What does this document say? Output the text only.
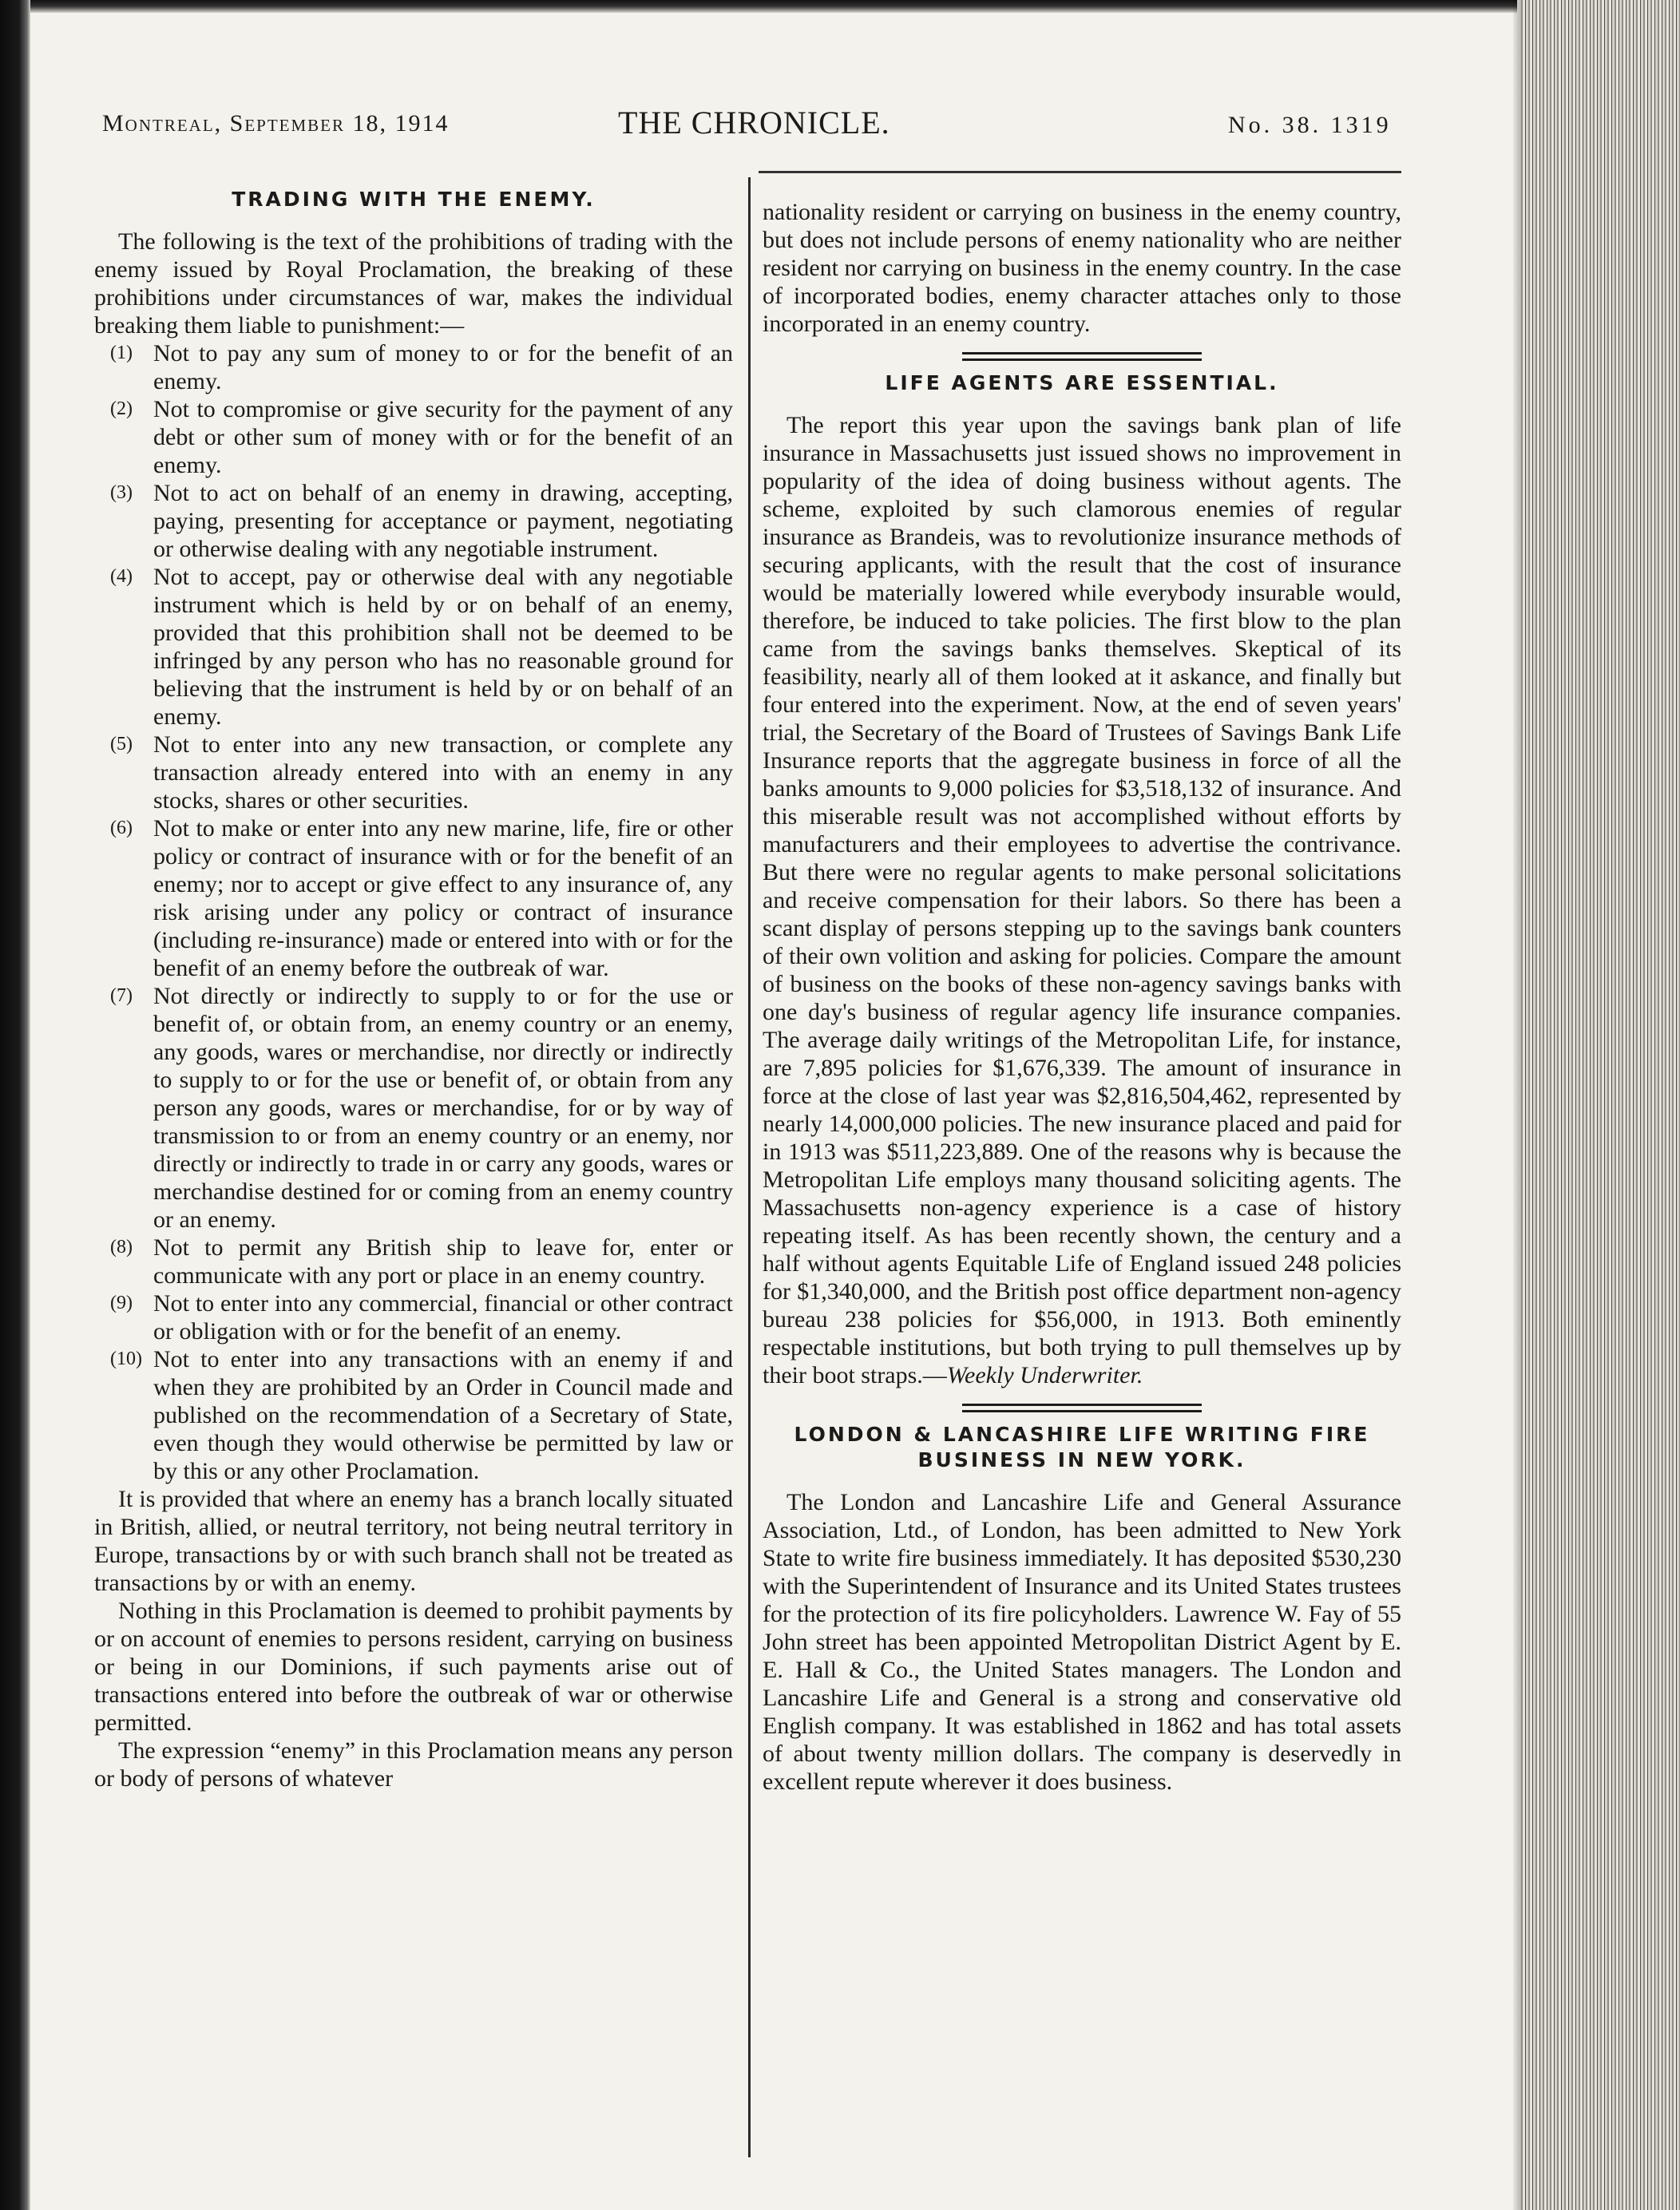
Montreal, September 18, 1914	THE CHRONICLE.	No. 38. 1319
TRADING WITH THE ENEMY.

The following is the text of the prohibitions of trading with the enemy issued by Royal Proclamation, the breaking of these prohibitions under circumstances of war, makes the individual breaking them liable to punishment:—

(1) Not to pay any sum of money to or for the benefit of an enemy.
(2) Not to compromise or give security for the payment of any debt or other sum of money with or for the benefit of an enemy.
(3) Not to act on behalf of an enemy in drawing, accepting, paying, presenting for acceptance or payment, negotiating or otherwise dealing with any negotiable instrument.
(4) Not to accept, pay or otherwise deal with any negotiable instrument which is held by or on behalf of an enemy, provided that this prohibition shall not be deemed to be infringed by any person who has no reasonable ground for believing that the instrument is held by or on behalf of an enemy.
(5) Not to enter into any new transaction, or complete any transaction already entered into with an enemy in any stocks, shares or other securities.
(6) Not to make or enter into any new marine, life, fire or other policy or contract of insurance with or for the benefit of an enemy; nor to accept or give effect to any insurance of, any risk arising under any policy or contract of insurance (including re-insurance) made or entered into with or for the benefit of an enemy before the outbreak of war.
(7) Not directly or indirectly to supply to or for the use or benefit of, or obtain from, an enemy country or an enemy, any goods, wares or merchandise, nor directly or indirectly to supply to or for the use or benefit of, or obtain from any person any goods, wares or merchandise, for or by way of transmission to or from an enemy country or an enemy, nor directly or indirectly to trade in or carry any goods, wares or merchandise destined for or coming from an enemy country or an enemy.
(8) Not to permit any British ship to leave for, enter or communicate with any port or place in an enemy country.
(9) Not to enter into any commercial, financial or other contract or obligation with or for the benefit of an enemy.
(10) Not to enter into any transactions with an enemy if and when they are prohibited by an Order in Council made and published on the recommendation of a Secretary of State, even though they would otherwise be permitted by law or by this or any other Proclamation.

It is provided that where an enemy has a branch locally situated in British, allied, or neutral territory, not being neutral territory in Europe, transactions by or with such branch shall not be treated as transactions by or with an enemy.

Nothing in this Proclamation is deemed to prohibit payments by or on account of enemies to persons resident, carrying on business or being in our Dominions, if such payments arise out of transactions entered into before the outbreak of war or otherwise permitted.

The expression “enemy” in this Proclamation means any person or body of persons of whatever

nationality resident or carrying on business in the enemy country, but does not include persons of enemy nationality who are neither resident nor carrying on business in the enemy country. In the case of incorporated bodies, enemy character attaches only to those incorporated in an enemy country.

LIFE AGENTS ARE ESSENTIAL.

The report this year upon the savings bank plan of life insurance in Massachusetts just issued shows no improvement in popularity of the idea of doing business without agents. The scheme, exploited by such clamorous enemies of regular insurance as Brandeis, was to revolutionize insurance methods of securing applicants, with the result that the cost of insurance would be materially lowered while everybody insurable would, therefore, be induced to take policies. The first blow to the plan came from the savings banks themselves. Skeptical of its feasibility, nearly all of them looked at it askance, and finally but four entered into the experiment. Now, at the end of seven years' trial, the Secretary of the Board of Trustees of Savings Bank Life Insurance reports that the aggregate business in force of all the banks amounts to 9,000 policies for $3,518,132 of insurance. And this miserable result was not accomplished without efforts by manufacturers and their employees to advertise the contrivance. But there were no regular agents to make personal solicitations and receive compensation for their labors. So there has been a scant display of persons stepping up to the savings bank counters of their own volition and asking for policies. Compare the amount of business on the books of these non-agency savings banks with one day's business of regular agency life insurance companies. The average daily writings of the Metropolitan Life, for instance, are 7,895 policies for $1,676,339. The amount of insurance in force at the close of last year was $2,816,504,462, represented by nearly 14,000,000 policies. The new insurance placed and paid for in 1913 was $511,223,889. One of the reasons why is because the Metropolitan Life employs many thousand soliciting agents. The Massachusetts non-agency experience is a case of history repeating itself. As has been recently shown, the century and a half without agents Equitable Life of England issued 248 policies for $1,340,000, and the British post office department non-agency bureau 238 policies for $56,000, in 1913. Both eminently respectable institutions, but both trying to pull themselves up by their boot straps.—Weekly Underwriter.

LONDON & LANCASHIRE LIFE WRITING FIRE BUSINESS IN NEW YORK.

The London and Lancashire Life and General Assurance Association, Ltd., of London, has been admitted to New York State to write fire business immediately. It has deposited $530,230 with the Superintendent of Insurance and its United States trustees for the protection of its fire policyholders. Lawrence W. Fay of 55 John street has been appointed Metropolitan District Agent by E. E. Hall & Co., the United States managers. The London and Lancashire Life and General is a strong and conservative old English company. It was established in 1862 and has total assets of about twenty million dollars. The company is deservedly in excellent repute wherever it does business.
